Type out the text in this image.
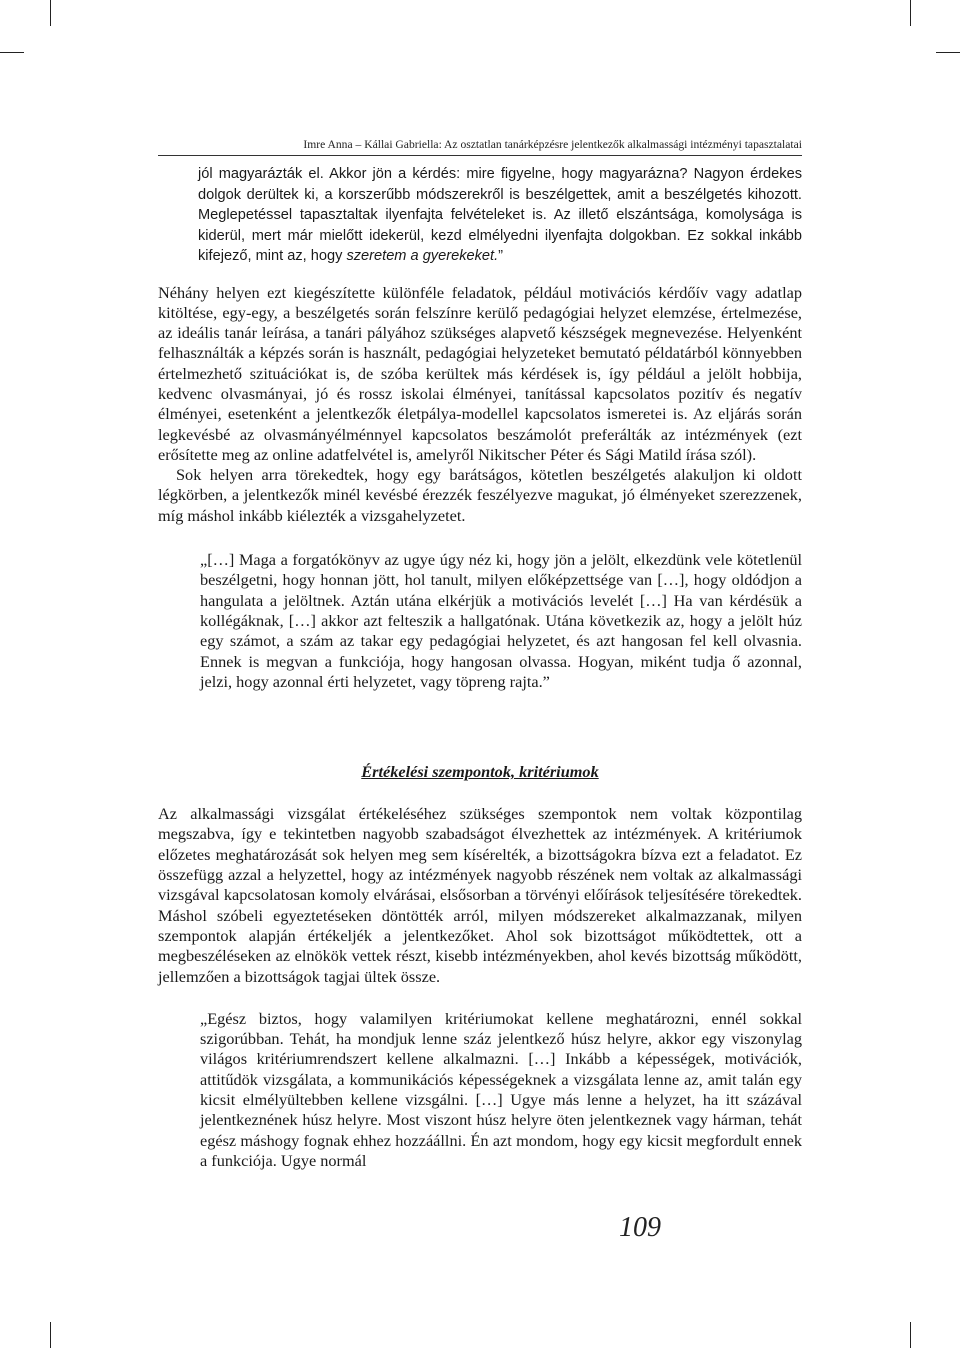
Imre Anna – Kállai Gabriella: Az osztatlan tanárképzésre jelentkezők alkalmassági intézményi tapasztalatai

jól magyarázták el. Akkor jön a kérdés: mire figyelne, hogy magyarázna? Nagyon érdekes dolgok derültek ki, a korszerűbb módszerekről is beszélgettek, amit a beszélgetés kihozott. Meglepetéssel tapasztaltak ilyenfajta felvételeket is. Az illető elszántsága, komolysága is kiderül, mert már mielőtt idekerül, kezd elmélyedni ilyenfajta dolgokban. Ez sokkal inkább kifejező, mint az, hogy szeretem a gyerekeket.”

Néhány helyen ezt kiegészítette különféle feladatok, például motivációs kérdőív vagy adatlap kitöltése, egy-egy, a beszélgetés során felszínre kerülő pedagógiai helyzet elemzése, értelmezése, az ideális tanár leírása, a tanári pályához szükséges alapvető készségek megnevezése. Helyenként felhasználták a képzés során is használt, pedagógiai helyzeteket bemutató példatárból könnyebben értelmezhető szituációkat is, de szóba kerültek más kérdések is, így például a jelölt hobbija, kedvenc olvasmányai, jó és rossz iskolai élményei, tanítással kapcsolatos pozitív és negatív élményei, esetenként a jelentkezők életpálya-modellel kapcsolatos ismeretei is. Az eljárás során legkevésbé az olvasmányélménnyel kapcsolatos beszámolót preferálták az intézmények (ezt erősítette meg az online adatfelvétel is, amelyről Nikitscher Péter és Sági Matild írása szól).

Sok helyen arra törekedtek, hogy egy barátságos, kötetlen beszélgetés alakuljon ki oldott légkörben, a jelentkezők minél kevésbé érezzék feszélyezve magukat, jó élményeket szerezzenek, míg máshol inkább kiélezték a vizsgahelyzetet.

„[…] Maga a forgatókönyv az ugye úgy néz ki, hogy jön a jelölt, elkezdünk vele kötetlenül beszélgetni, hogy honnan jött, hol tanult, milyen előképzettsége van […], hogy oldódjon a hangulata a jelöltnek. Aztán utána elkérjük a motivációs levelét […] Ha van kérdésük a kollégáknak, […] akkor azt felteszik a hallgatónak. Utána következik az, hogy a jelölt húz egy számot, a szám az takar egy pedagógiai helyzetet, és azt hangosan fel kell olvasnia. Ennek is megvan a funkciója, hogy hangosan olvassa. Hogyan, miként tudja ő azonnal, jelzi, hogy azonnal érti helyzetet, vagy töpreng rajta.”

Értékelési szempontok, kritériumok

Az alkalmassági vizsgálat értékeléséhez szükséges szempontok nem voltak központilag megszabva, így e tekintetben nagyobb szabadságot élvezhettek az intézmények. A kritériumok előzetes meghatározását sok helyen meg sem kísérelték, a bizottságokra bízva ezt a feladatot. Ez összefügg azzal a helyzettel, hogy az intézmények nagyobb részének nem voltak az alkalmassági vizsgával kapcsolatosan komoly elvárásai, elsősorban a törvényi előírások teljesítésére törekedtek. Máshol szóbeli egyeztetéseken döntötték arról, milyen módszereket alkalmazzanak, milyen szempontok alapján értékeljék a jelentkezőket. Ahol sok bizottságot működtettek, ott a megbeszéléseken az elnökök vettek részt, kisebb intézményekben, ahol kevés bizottság működött, jellemzően a bizottságok tagjai ültek össze.

„Egész biztos, hogy valamilyen kritériumokat kellene meghatározni, ennél sokkal szigorúbban. Tehát, ha mondjuk lenne száz jelentkező húsz helyre, akkor egy viszonylag világos kritériumrendszert kellene alkalmazni. […] Inkább a képességek, motivációk, attitűdök vizsgálata, a kommunikációs képességeknek a vizsgálata lenne az, amit talán egy kicsit elmélyültebben kellene vizsgálni. […] Ugye más lenne a helyzet, ha itt százával jelentkeznének húsz helyre. Most viszont húsz helyre öten jelentkeznek vagy hárman, tehát egész máshogy fognak ehhez hozzáállni. Én azt mondom, hogy egy kicsit megfordult ennek a funkciója. Ugye normál

109
